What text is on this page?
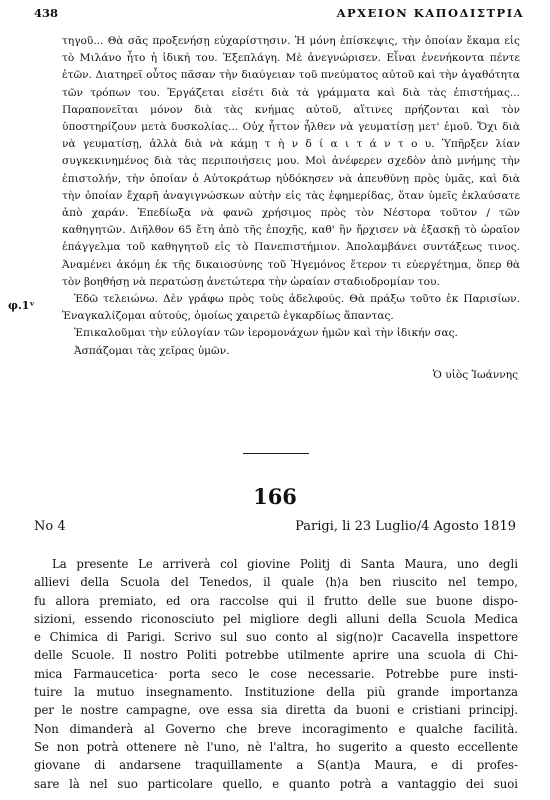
438	ΑΡΧΕΙΟΝ ΚΑΠΟΔΙΣΤΡΙΑ
φ.1ᵛ

τηγοῦ... Θὰ σᾶς προξενήσῃ εὐχαρίστησιν. Ἡ μόνη ἐπίσκεψις, τὴν ὁποίαν ἔκαμα εἰς τὸ Μιλάνο ἦτο ἡ ἰδική του. Ἐξεπλάγη. Μὲ ἀνεγνώρισεν. Εἶναι ἐνενήκοντα πέντε ἐτῶν. Διατηρεῖ οὗτος πᾶσαν τὴν διαύγειαν τοῦ πνεύματος αὐτοῦ καὶ τὴν ἀγαθότητα τῶν τρόπων του. Ἐργάζεται εἰσέτι διὰ τὰ γράμματα καὶ διὰ τὰς ἐπιστήμας... Παραπονεῖται μόνον διὰ τὰς κνήμας αὐτοῦ, αἵτινες πρήζονται καὶ τὸν ὑποστηρίζουν μετὰ δυσκολίας... Οὐχ ἧττον ἦλθεν νὰ γευματίσῃ μετ' ἐμοῦ. Ὄχι διὰ νὰ γευματίσῃ, ἀλλὰ διὰ νὰ κάμῃ τ ὴ ν δ ί α ι τ ά ν τ ο υ. Ὑπῆρξεν λίαν συγκεκινημένος διὰ τὰς περιποιήσεις μου. Μοὶ ἀνέφερεν σχεδὸν ἀπὸ μνήμης τὴν ἐπιστολήν, τὴν ὁποίαν ὁ Αὐτοκράτωρ ηὐδόκησεν νὰ ἀπευθύνῃ πρὸς ὑμᾶς, καὶ διὰ τὴν ὁποίαν ἔχαρῆ ἀναγιγνώσκων αὐτὴν εἰς τὰς ἐφημερίδας, ὅταν ὑμεῖς ἐκλαύσατε ἀπὸ χαράν. Ἐπεδίωξα νὰ φανῶ χρήσιμος πρὸς τὸν Νέστορα τοῦτον / τῶν καθηγητῶν. Διῆλθον 65 ἔτη ἀπὸ τῆς ἐποχῆς, καθ' ἣν ἤρχισεν νὰ ἐξασκῇ τὸ ὡραῖον ἐπάγγελμα τοῦ καθηγητοῦ εἰς τὸ Πανεπιστήμιον. Ἀπολαμβάνει συντάξεως τινος. Ἀναμένει ἀκόμη ἐκ τῆς δικαιοσύνης τοῦ Ἡγεμόνος ἕτερον τι εὐεργέτημα, ὅπερ θὰ τὸν βοηθήσῃ νὰ περατώσῃ ἀνετώτερα τὴν ὡραίαν σταδιοδρομίαν του.

Ἐδῶ τελειώνω. Δὲν γράφω πρὸς τοὺς ἀδελφούς. Θὰ πράξω τοῦτο ἐκ Παρισίων. Ἐναγκαλίζομαι αὐτούς, ὁμοίως χαιρετῶ ἐγκαρδίως ἅπαντας.

Ἐπικαλοῦμαι τὴν εὐλογίαν τῶν ἱερομονάχων ἡμῶν καὶ τὴν ἰδικήν σας.

Ἀσπάζομαι τὰς χεῖρας ὑμῶν.

Ὁ υἱὸς Ἰωάννης
166
No 4	Parigi, li 23 Luglio/4 Agosto 1819
La presente Le arriverà col giovine Politj di Santa Maura, uno degli
allievi della Scuola del Tenedos, il quale ⟨h⟩a ben riuscito nel tempo,
fu allora premiato, ed ora raccolse qui il frutto delle sue buone dispo-
sizioni, essendo riconosciuto pel migliore degli alluni della Scuola Medica
e Chimica di Parigi. Scrivo sul suo conto al sig(no)r Cacavella inspettore
delle Scuole. Il nostro Politi potrebbe utilmente aprire una scuola di Chi-
mica Farmaucetica· porta seco le cose necessarie. Potrebbe pure insti-
tuire la mutuo insegnamento. Instituzione della più grande importanza
per le nostre campagne, ove essa sia diretta da buoni e cristiani principj.
Non dimanderà al Governo che breve incoragimento e qualche facilità.
Se non potrà ottenere nè l'uno, nè l'altra, ho sugerito a questo eccellente
giovane di andarsene traquillamente a S(ant)a Maura, e di profes-
sare là nel suo particolare quello, e quanto potrà a vantaggio dei suoi
